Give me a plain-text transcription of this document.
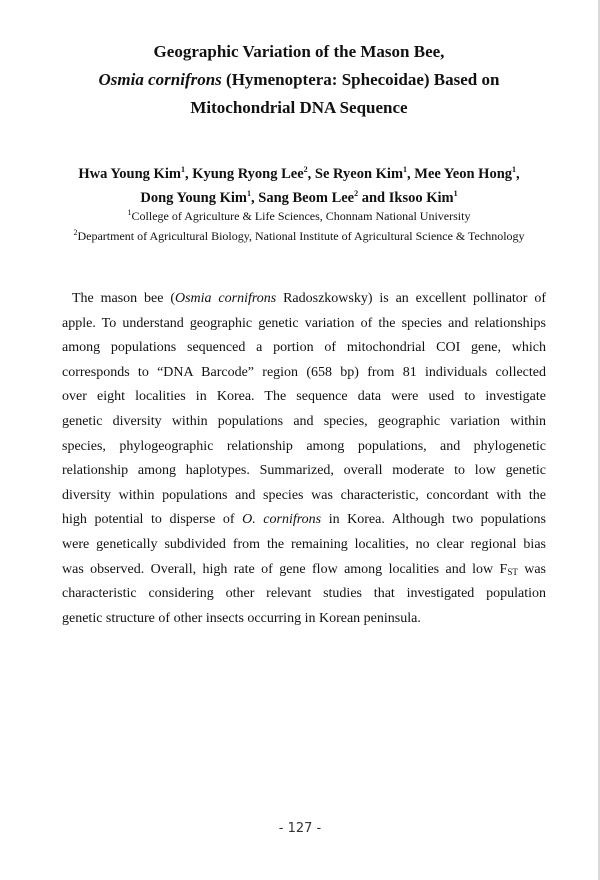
Geographic Variation of the Mason Bee,
Osmia cornifrons (Hymenoptera: Sphecoidae) Based on
Mitochondrial DNA Sequence
Hwa Young Kim$^1$, Kyung Ryong Lee$^2$, Se Ryeon Kim$^1$, Mee Yeon Hong$^1$,
Dong Young Kim$^1$, Sang Beom Lee$^2$ and Iksoo Kim$^1$
$^1$College of Agriculture & Life Sciences, Chonnam National University
$^2$Department of Agricultural Biology, National Institute of Agricultural Science & Technology
The mason bee (Osmia cornifrons Radoszkowsky) is an excellent pollinator of
apple. To understand geographic genetic variation of the species and relationships
among populations sequenced a portion of mitochondrial COI gene, which
corresponds to “DNA Barcode” region (658 bp) from 81 individuals collected
over eight localities in Korea. The sequence data were used to investigate
genetic diversity within populations and species, geographic variation within
species, phylogeographic relationship among populations, and phylogenetic
relationship among haplotypes. Summarized, overall moderate to low genetic
diversity within populations and species was characteristic, concordant with the
high potential to disperse of O. cornifrons in Korea. Although two populations
were genetically subdivided from the remaining localities, no clear regional bias
was observed. Overall, high rate of gene flow among localities and low $F_{ST}$ was
characteristic considering other relevant studies that investigated population
genetic structure of other insects occurring in Korean peninsula.
- 127 -
